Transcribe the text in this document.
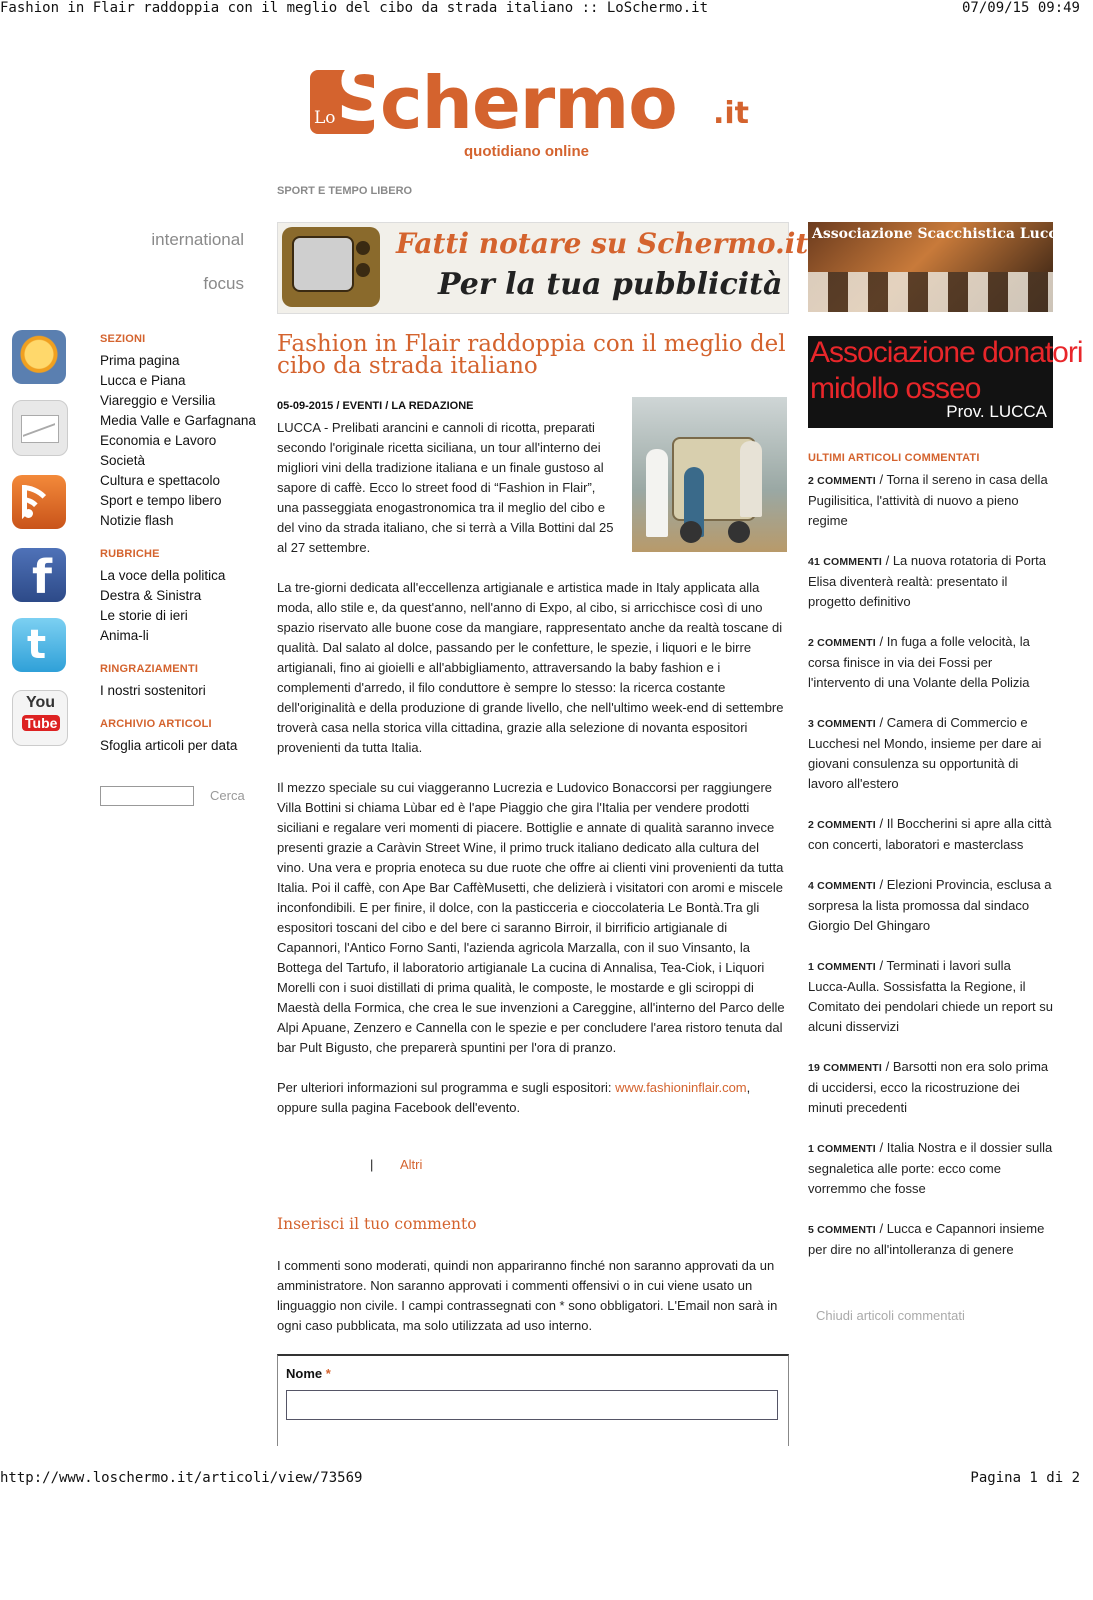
Fashion in Flair raddoppia con il meglio del cibo da strada italiano :: LoSchermo.it	07/09/15 09:49
Lo S
chermo .it
quotidiano online
SPORT E TEMPO LIBERO
international
focus
Fatti notare su Schermo.it
Per la tua pubblicità
Associazione Scacchistica Lucchese
f
t
You
Tube
SEZIONI
Prima pagina
Lucca e Piana
Viareggio e Versilia
Media Valle e Garfagnana
Economia e Lavoro
Società
Cultura e spettacolo
Sport e tempo libero
Notizie flash
RUBRICHE
La voce della politica
Destra & Sinistra
Le storie di ieri
Anima-li
RINGRAZIAMENTI
I nostri sostenitori
ARCHIVIO ARTICOLI
Sfoglia articoli per data
Cerca
Fashion in Flair raddoppia con il meglio del cibo da strada italiano
05-09-2015 / EVENTI / LA REDAZIONE

LUCCA - Prelibati arancini e cannoli di ricotta, preparati secondo l'originale ricetta siciliana, un tour all'interno dei migliori vini della tradizione italiana e un finale gustoso al sapore di caffè. Ecco lo street food di “Fashion in Flair”, una passeggiata enogastronomica tra il meglio del cibo e del vino da strada italiano, che si terrà a Villa Bottini dal 25 al 27 settembre.

La tre-giorni dedicata all'eccellenza artigianale e artistica made in Italy applicata alla moda, allo stile e, da quest'anno, nell'anno di Expo, al cibo, si arricchisce così di uno spazio riservato alle buone cose da mangiare, rappresentato anche da realtà toscane di qualità. Dal salato al dolce, passando per le confetture, le spezie, i liquori e le birre artigianali, fino ai gioielli e all'abbigliamento, attraversando la baby fashion e i complementi d'arredo, il filo conduttore è sempre lo stesso: la ricerca costante dell'originalità e della produzione di grande livello, che nell'ultimo week-end di settembre troverà casa nella storica villa cittadina, grazie alla selezione di novanta espositori provenienti da tutta Italia.

Il mezzo speciale su cui viaggeranno Lucrezia e Ludovico Bonaccorsi per raggiungere Villa Bottini si chiama Lùbar ed è l'ape Piaggio che gira l'Italia per vendere prodotti siciliani e regalare veri momenti di piacere. Bottiglie e annate di qualità saranno invece presenti grazie a Caràvin Street Wine, il primo truck italiano dedicato alla cultura del vino. Una vera e propria enoteca su due ruote che offre ai clienti vini provenienti da tutta Italia. Poi il caffè, con Ape Bar CaffèMusetti, che delizierà i visitatori con aromi e miscele inconfondibili. E per finire, il dolce, con la pasticceria e cioccolateria Le Bontà.Tra gli espositori toscani del cibo e del bere ci saranno Birroir, il birrificio artigianale di Capannori, l'Antico Forno Santi, l'azienda agricola Marzalla, con il suo Vinsanto, la Bottega del Tartufo, il laboratorio artigianale La cucina di Annalisa, Tea-Ciok, i Liquori Morelli con i suoi distillati di prima qualità, le composte, le mostarde e gli sciroppi di Maestà della Formica, che crea le sue invenzioni a Careggine, all'interno del Parco delle Alpi Apuane, Zenzero e Cannella con le spezie e per concludere l'area ristoro tenuta dal bar Pult Bigusto, che preparerà spuntini per l'ora di pranzo.

Per ulteriori informazioni sul programma e sugli espositori: www.fashioninflair.com, oppure sulla pagina Facebook dell'evento.

| Altri
Inserisci il tuo commento

I commenti sono moderati, quindi non appariranno finché non saranno approvati da un amministratore. Non saranno approvati i commenti offensivi o in cui viene usato un linguaggio non civile. I campi contrassegnati con * sono obbligatori. L'Email non sarà in ogni caso pubblicata, ma solo utilizzata ad uso interno.

Nome *
Associazione donatori
midollo osseo
Prov. LUCCA
ULTIMI ARTICOLI COMMENTATI

2 COMMENTI / Torna il sereno in casa della Pugilisitica, l'attività di nuovo a pieno regime

41 COMMENTI / La nuova rotatoria di Porta Elisa diventerà realtà: presentato il progetto definitivo

2 COMMENTI / In fuga a folle velocità, la corsa finisce in via dei Fossi per l'intervento di una Volante della Polizia

3 COMMENTI / Camera di Commercio e Lucchesi nel Mondo, insieme per dare ai giovani consulenza su opportunità di lavoro all'estero

2 COMMENTI / Il Boccherini si apre alla città con concerti, laboratori e masterclass

4 COMMENTI / Elezioni Provincia, esclusa a sorpresa la lista promossa dal sindaco Giorgio Del Ghingaro

1 COMMENTI / Terminati i lavori sulla Lucca-Aulla. Sossisfatta la Regione, il Comitato dei pendolari chiede un report su alcuni disservizi

19 COMMENTI / Barsotti non era solo prima di uccidersi, ecco la ricostruzione dei minuti precedenti

1 COMMENTI / Italia Nostra e il dossier sulla segnaletica alle porte: ecco come vorremmo che fosse

5 COMMENTI / Lucca e Capannori insieme per dire no all'intolleranza di genere

Chiudi articoli commentati
http://www.loschermo.it/articoli/view/73569	Pagina 1 di 2
